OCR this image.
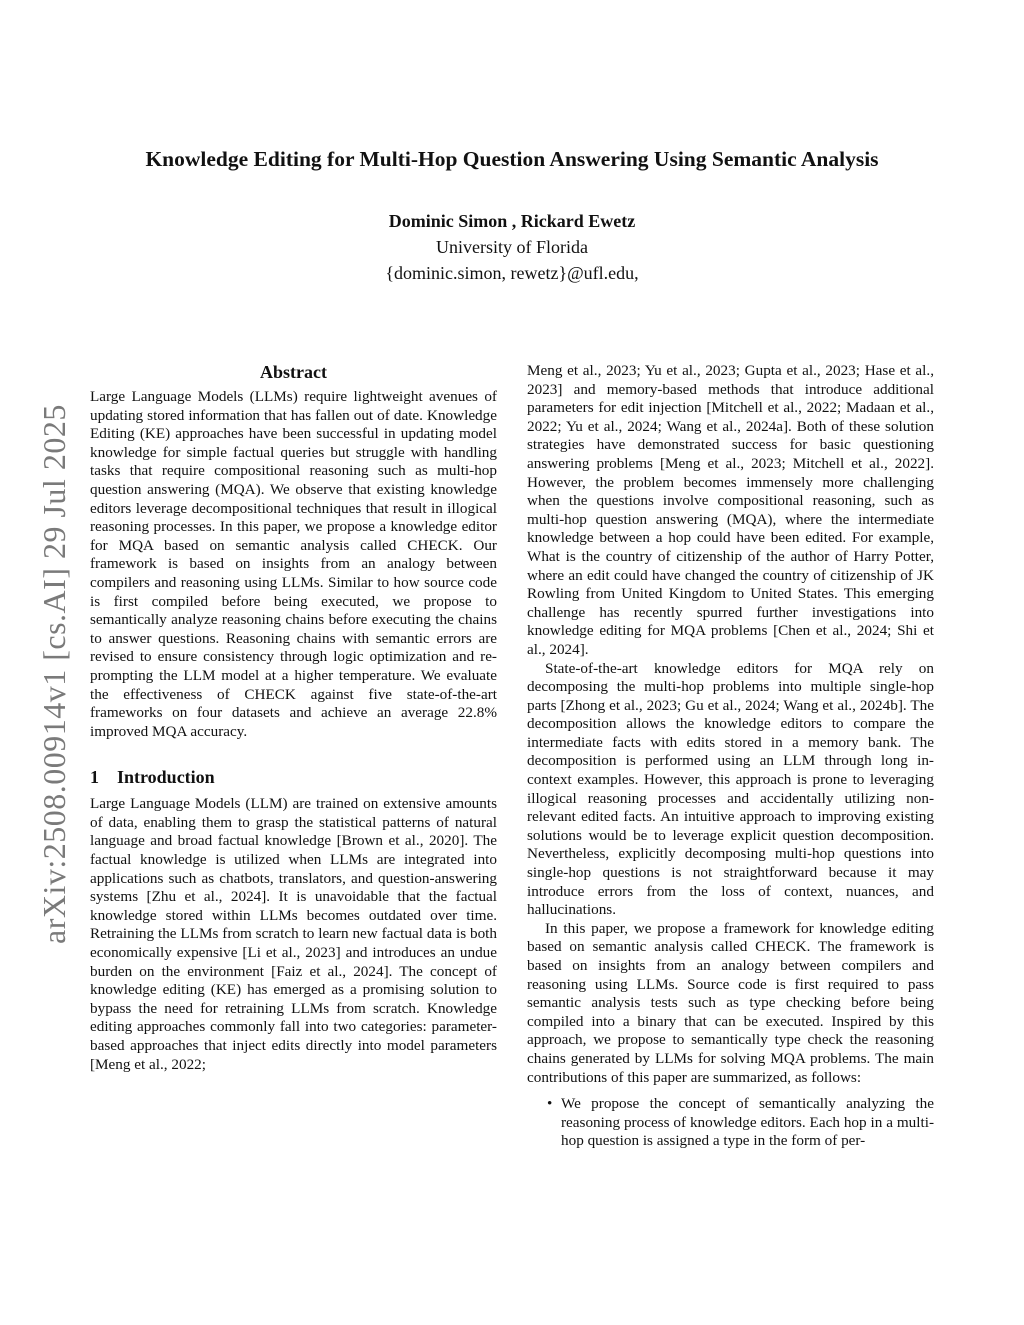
Knowledge Editing for Multi-Hop Question Answering Using Semantic Analysis
Dominic Simon , Rickard Ewetz
University of Florida
{dominic.simon, rewetz}@ufl.edu,
arXiv:2508.00914v1 [cs.AI] 29 Jul 2025
Abstract

Large Language Models (LLMs) require lightweight avenues of updating stored information that has fallen out of date. Knowledge Editing (KE) approaches have been successful in updating model knowledge for simple factual queries but struggle with handling tasks that require compositional reasoning such as multi-hop question answering (MQA). We observe that existing knowledge editors leverage decompositional techniques that result in illogical reasoning processes. In this paper, we propose a knowledge editor for MQA based on semantic analysis called CHECK. Our framework is based on insights from an analogy between compilers and reasoning using LLMs. Similar to how source code is first compiled before being executed, we propose to semantically analyze reasoning chains before executing the chains to answer questions. Reasoning chains with semantic errors are revised to ensure consistency through logic optimization and re-prompting the LLM model at a higher temperature. We evaluate the effectiveness of CHECK against five state-of-the-art frameworks on four datasets and achieve an average 22.8% improved MQA accuracy.

1 Introduction

Large Language Models (LLM) are trained on extensive amounts of data, enabling them to grasp the statistical patterns of natural language and broad factual knowledge [Brown et al., 2020]. The factual knowledge is utilized when LLMs are integrated into applications such as chatbots, translators, and question-answering systems [Zhu et al., 2024]. It is unavoidable that the factual knowledge stored within LLMs becomes outdated over time. Retraining the LLMs from scratch to learn new factual data is both economically expensive [Li et al., 2023] and introduces an undue burden on the environment [Faiz et al., 2024]. The concept of knowledge editing (KE) has emerged as a promising solution to bypass the need for retraining LLMs from scratch. Knowledge editing approaches commonly fall into two categories: parameter-based approaches that inject edits directly into model parameters [Meng et al., 2022;

Meng et al., 2023; Yu et al., 2023; Gupta et al., 2023; Hase et al., 2023] and memory-based methods that introduce additional parameters for edit injection [Mitchell et al., 2022; Madaan et al., 2022; Yu et al., 2024; Wang et al., 2024a]. Both of these solution strategies have demonstrated success for basic questioning answering problems [Meng et al., 2023; Mitchell et al., 2022]. However, the problem becomes immensely more challenging when the questions involve compositional reasoning, such as multi-hop question answering (MQA), where the intermediate knowledge between a hop could have been edited. For example, What is the country of citizenship of the author of Harry Potter, where an edit could have changed the country of citizenship of JK Rowling from United Kingdom to United States. This emerging challenge has recently spurred further investigations into knowledge editing for MQA problems [Chen et al., 2024; Shi et al., 2024].

State-of-the-art knowledge editors for MQA rely on decomposing the multi-hop problems into multiple single-hop parts [Zhong et al., 2023; Gu et al., 2024; Wang et al., 2024b]. The decomposition allows the knowledge editors to compare the intermediate facts with edits stored in a memory bank. The decomposition is performed using an LLM through long in-context examples. However, this approach is prone to leveraging illogical reasoning processes and accidentally utilizing non-relevant edited facts. An intuitive approach to improving existing solutions would be to leverage explicit question decomposition. Nevertheless, explicitly decomposing multi-hop questions into single-hop questions is not straightforward because it may introduce errors from the loss of context, nuances, and hallucinations.

In this paper, we propose a framework for knowledge editing based on semantic analysis called CHECK. The framework is based on insights from an analogy between compilers and reasoning using LLMs. Source code is first required to pass semantic analysis tests such as type checking before being compiled into a binary that can be executed. Inspired by this approach, we propose to semantically type check the reasoning chains generated by LLMs for solving MQA problems. The main contributions of this paper are summarized, as follows:

• We propose the concept of semantically analyzing the reasoning process of knowledge editors. Each hop in a multi-hop question is assigned a type in the form of per-
